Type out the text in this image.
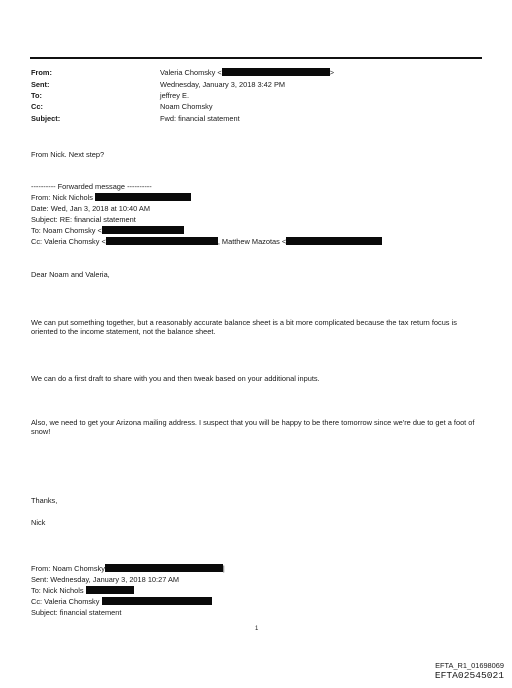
From:	Valeria Chomsky <	>
Sent:	Wednesday, January 3, 2018 3:42 PM
To:	jeffrey E.
Cc:	Noam Chomsky
Subject:	Fwd: financial statement
From Nick. Next step?
---------- Forwarded message ----------
From: Nick Nichols
Date: Wed, Jan 3, 2018 at 10:40 AM
Subject: RE: financial statement
To: Noam Chomsky <
Cc: Valeria Chomsky <	, Matthew Mazotas <
Dear Noam and Valeria,
We can put something together, but a reasonably accurate balance sheet is a bit more complicated because the tax return focus is oriented to the income statement, not the balance sheet.
We can do a first draft to share with you and then tweak based on your additional inputs.
Also, we need to get your Arizona mailing address. I suspect that you will be happy to be there tomorrow since we're due to get a foot of snow!
Thanks,
Nick
From: Noam Chomsky	|
Sent: Wednesday, January 3, 2018 10:27 AM
To: Nick Nichols
Cc: Valeria Chomsky
Subject: financial statement
1
EFTA_R1_01698069
EFTA02545021
